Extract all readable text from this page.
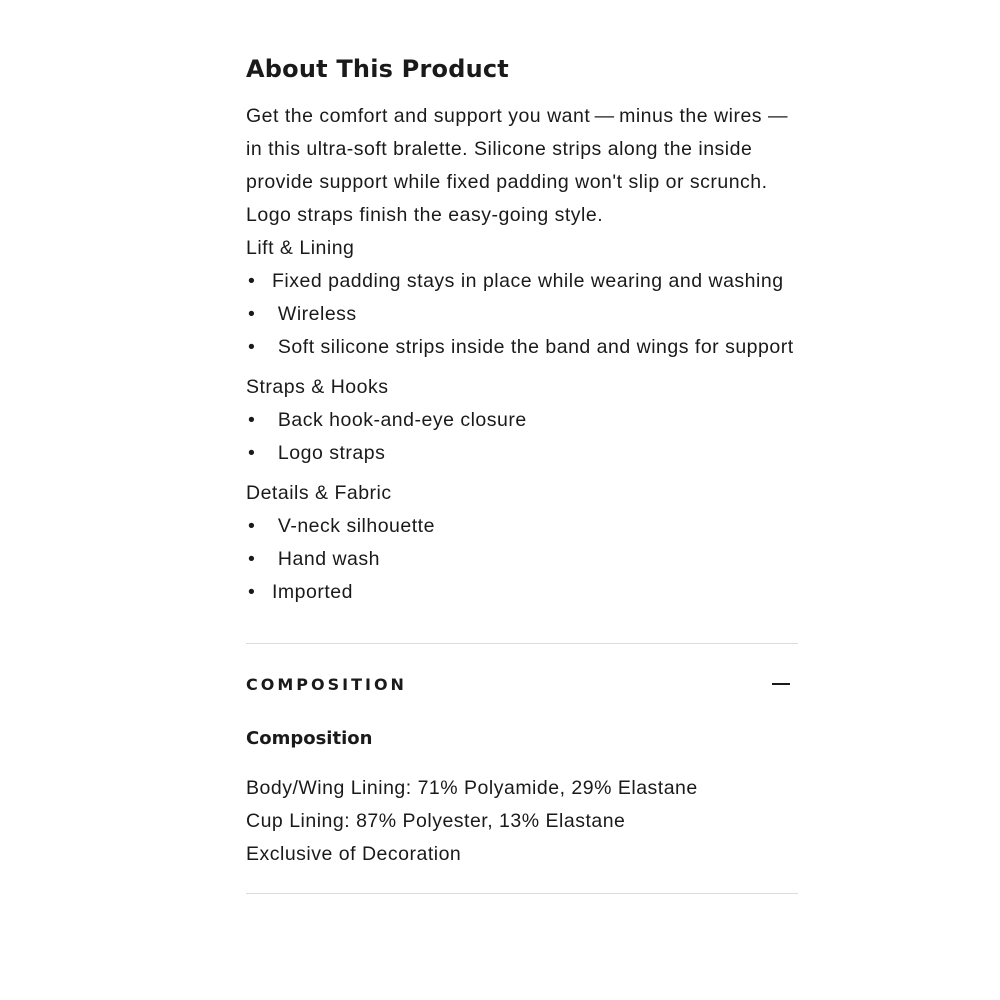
About This Product

Get the comfort and support you want — minus the wires — in this ultra-soft bralette. Silicone strips along the inside provide support while fixed padding won't slip or scrunch. Logo straps finish the easy-going style.

Lift & Lining
• Fixed padding stays in place while wearing and washing
• Wireless
• Soft silicone strips inside the band and wings for support
Straps & Hooks
• Back hook-and-eye closure
• Logo straps
Details & Fabric
• V-neck silhouette
• Hand wash
• Imported
COMPOSITION
Composition
Body/Wing Lining: 71% Polyamide, 29% Elastane
Cup Lining: 87% Polyester, 13% Elastane
Exclusive of Decoration
